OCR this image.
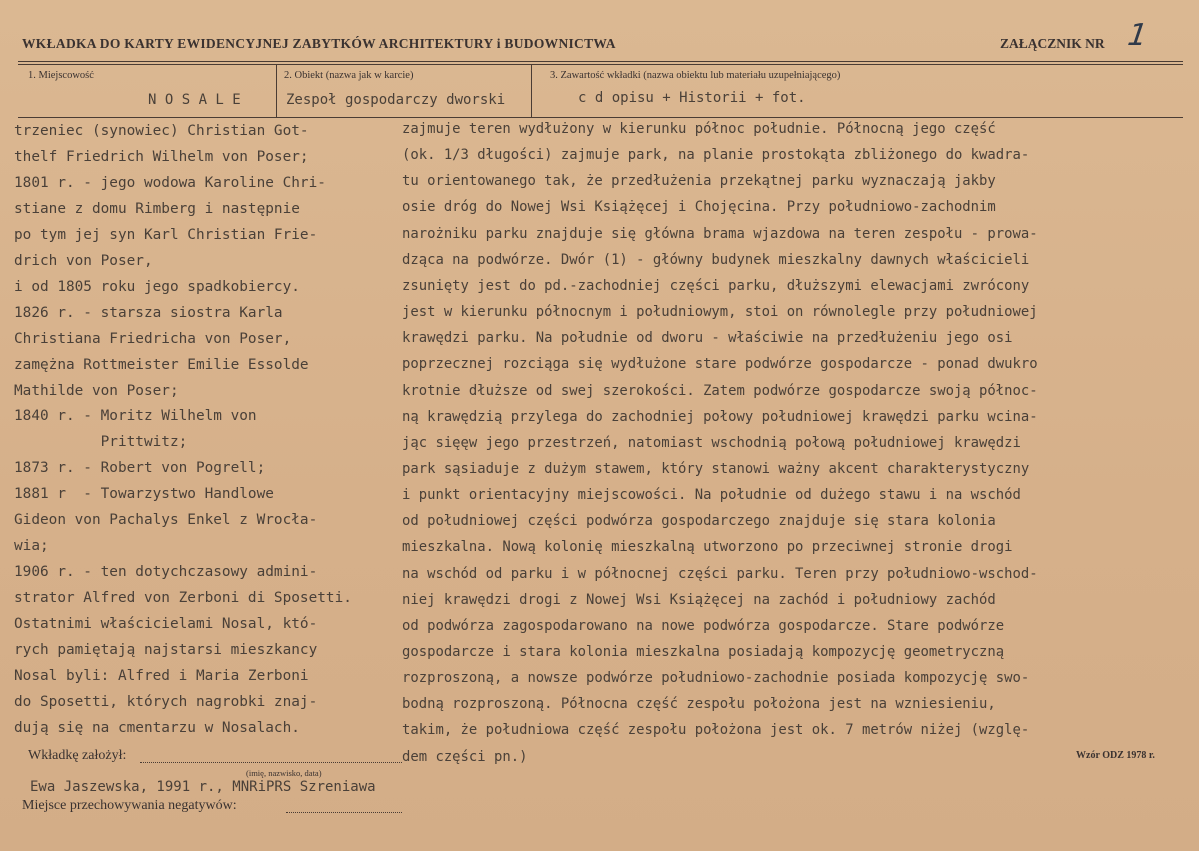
WKŁADKA DO KARTY EWIDENCYJNEJ ZABYTKÓW ARCHITEKTURY i BUDOWNICTWA	ZAŁĄCZNIK NR 1
1. Miejscowość
N O S A L E
2. Obiekt (nazwa jak w karcie)
Zespoł gospodarczy dworski
3. Zawartość wkładki (nazwa obiektu lub materiału uzupełniającego)
c d opisu + Historii + fot.
trzeniec (synowiec) Christian Got-
thelf Friedrich Wilhelm von Poser;
1801 r. - jego wodowa Karoline Chri-
stiane z domu Rimberg i następnie
po tym jej syn Karl Christian Frie-
drich von Poser,
i od 1805 roku jego spadkobiercy.
1826 r. - starsza siostra Karla
Christiana Friedricha von Poser,
zamężna Rottmeister Emilie Essolde
Mathilde von Poser;
1840 r. - Moritz Wilhelm von
Prittwitz;
1873 r. - Robert von Pogrell;
1881 r  - Towarzystwo Handlowe
Gideon von Pachalys Enkel z Wrocła-
wia;
1906 r. - ten dotychczasowy admini-
strator Alfred von Zerboni di Sposetti.
Ostatnimi właścicielami Nosal, któ-
rych pamiętają najstarsi mieszkancy
Nosal byli: Alfred i Maria Zerboni
do Sposetti, których nagrobki znaj-
dują się na cmentarzu w Nosalach.
zajmuje teren wydłużony w kierunku północ południe. Północną jego część
(ok. 1/3 długości) zajmuje park, na planie prostokąta zbliżonego do kwadra-
tu orientowanego tak, że przedłużenia przekątnej parku wyznaczają jakby
osie dróg do Nowej Wsi Książęcej i Chojęcina. Przy południowo-zachodnim
narożniku parku znajduje się główna brama wjazdowa na teren zespołu - prowa-
dząca na podwórze. Dwór (1) - główny budynek mieszkalny dawnych właścicieli
zsunięty jest do pd.-zachodniej części parku, dłuższymi elewacjami zwrócony
jest w kierunku północnym i południowym, stoi on równolegle przy południowej
krawędzi parku. Na południe od dworu - właściwie na przedłużeniu jego osi
poprzecznej rozciąga się wydłużone stare podwórze gospodarcze - ponad dwukro
krotnie dłuższe od swej szerokości. Zatem podwórze gospodarcze swoją północ-
ną krawędzią przylega do zachodniej połowy południowej krawędzi parku wcina-
jąc sięęw jego przestrzeń, natomiast wschodnią połową południowej krawędzi
park sąsiaduje z dużym stawem, który stanowi ważny akcent charakterystyczny
i punkt orientacyjny miejscowości. Na południe od dużego stawu i na wschód
od południowej części podwórza gospodarczego znajduje się stara kolonia
mieszkalna. Nową kolonię mieszkalną utworzono po przeciwnej stronie drogi
na wschód od parku i w północnej części parku. Teren przy południowo-wschod-
niej krawędzi drogi z Nowej Wsi Książęcej na zachód i południowy zachód
od podwórza zagospodarowano na nowe podwórza gospodarcze. Stare podwórze
gospodarcze i stara kolonia mieszkalna posiadają kompozycję geometryczną
rozproszoną, a nowsze podwórze południowo-zachodnie posiada kompozycję swo-
bodną rozproszoną. Północna część zespołu położona jest na wzniesieniu,
takim, że południowa część zespołu położona jest ok. 7 metrów niżej (wzglę-
dem części pn.)
Wkładkę założył:
(imię, nazwisko, data)
Ewa Jaszewska, 1991 r., MNRiPRS Szreniawa
Miejsce przechowywania negatywów:
Wzór ODZ 1978 r.
